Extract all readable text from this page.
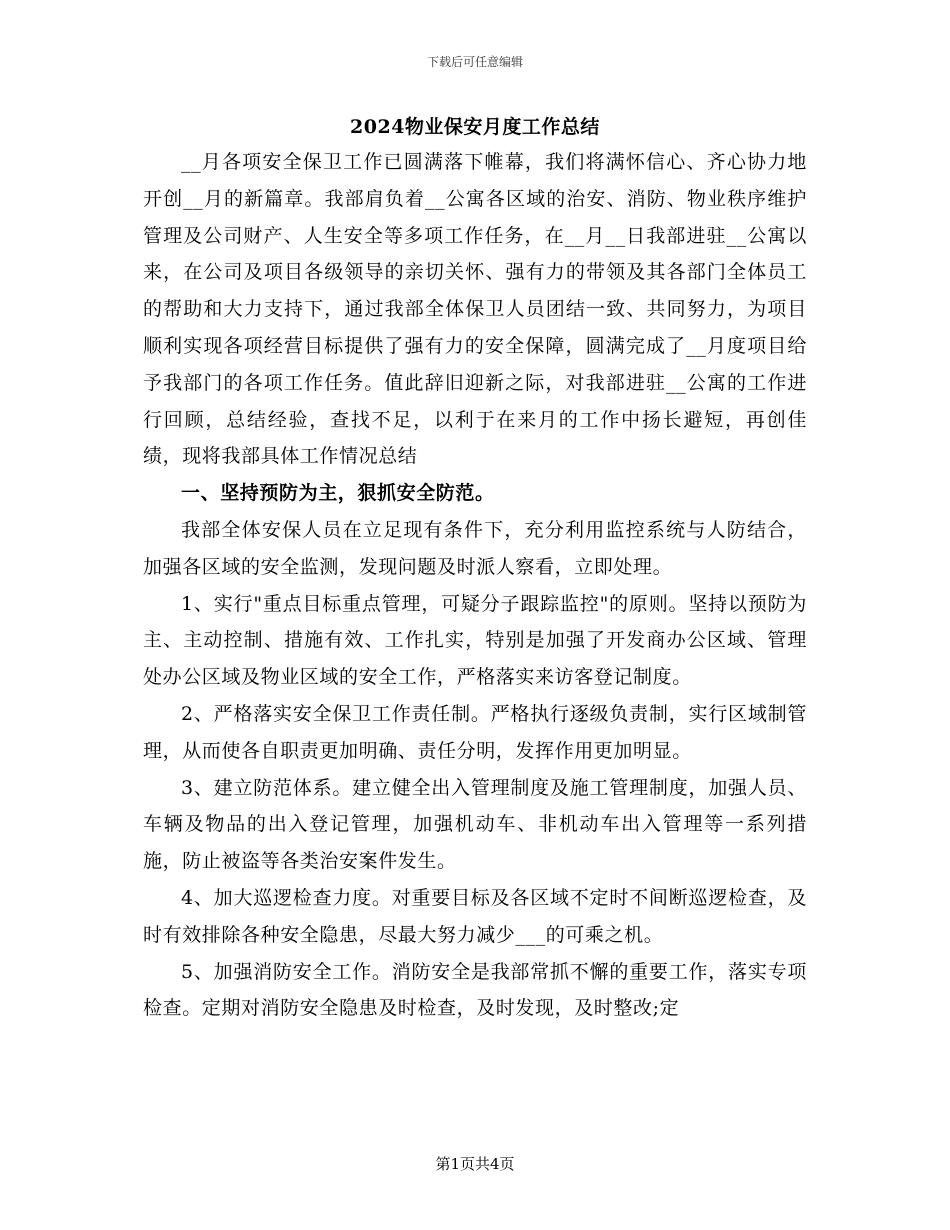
下载后可任意编辑
2024物业保安月度工作总结

__月各项安全保卫工作已圆满落下帷幕，我们将满怀信心、齐心协力地开创__月的新篇章。我部肩负着__公寓各区域的治安、消防、物业秩序维护管理及公司财产、人生安全等多项工作任务，在__月__日我部进驻__公寓以来，在公司及项目各级领导的亲切关怀、强有力的带领及其各部门全体员工的帮助和大力支持下，通过我部全体保卫人员团结一致、共同努力，为项目顺利实现各项经营目标提供了强有力的安全保障，圆满完成了__月度项目给予我部门的各项工作任务。值此辞旧迎新之际，对我部进驻__公寓的工作进行回顾，总结经验，查找不足，以利于在来月的工作中扬长避短，再创佳绩，现将我部具体工作情况总结

一、坚持预防为主，狠抓安全防范。

我部全体安保人员在立足现有条件下，充分利用监控系统与人防结合，加强各区域的安全监测，发现问题及时派人察看，立即处理。

1、实行"重点目标重点管理，可疑分子跟踪监控"的原则。坚持以预防为主、主动控制、措施有效、工作扎实，特别是加强了开发商办公区域、管理处办公区域及物业区域的安全工作，严格落实来访客登记制度。

2、严格落实安全保卫工作责任制。严格执行逐级负责制，实行区域制管理，从而使各自职责更加明确、责任分明，发挥作用更加明显。

3、建立防范体系。建立健全出入管理制度及施工管理制度，加强人员、车辆及物品的出入登记管理，加强机动车、非机动车出入管理等一系列措施，防止被盗等各类治安案件发生。

4、加大巡逻检查力度。对重要目标及各区域不定时不间断巡逻检查，及时有效排除各种安全隐患，尽最大努力减少___的可乘之机。

5、加强消防安全工作。消防安全是我部常抓不懈的重要工作，落实专项检查。定期对消防安全隐患及时检查，及时发现，及时整改;定

第1页共4页
